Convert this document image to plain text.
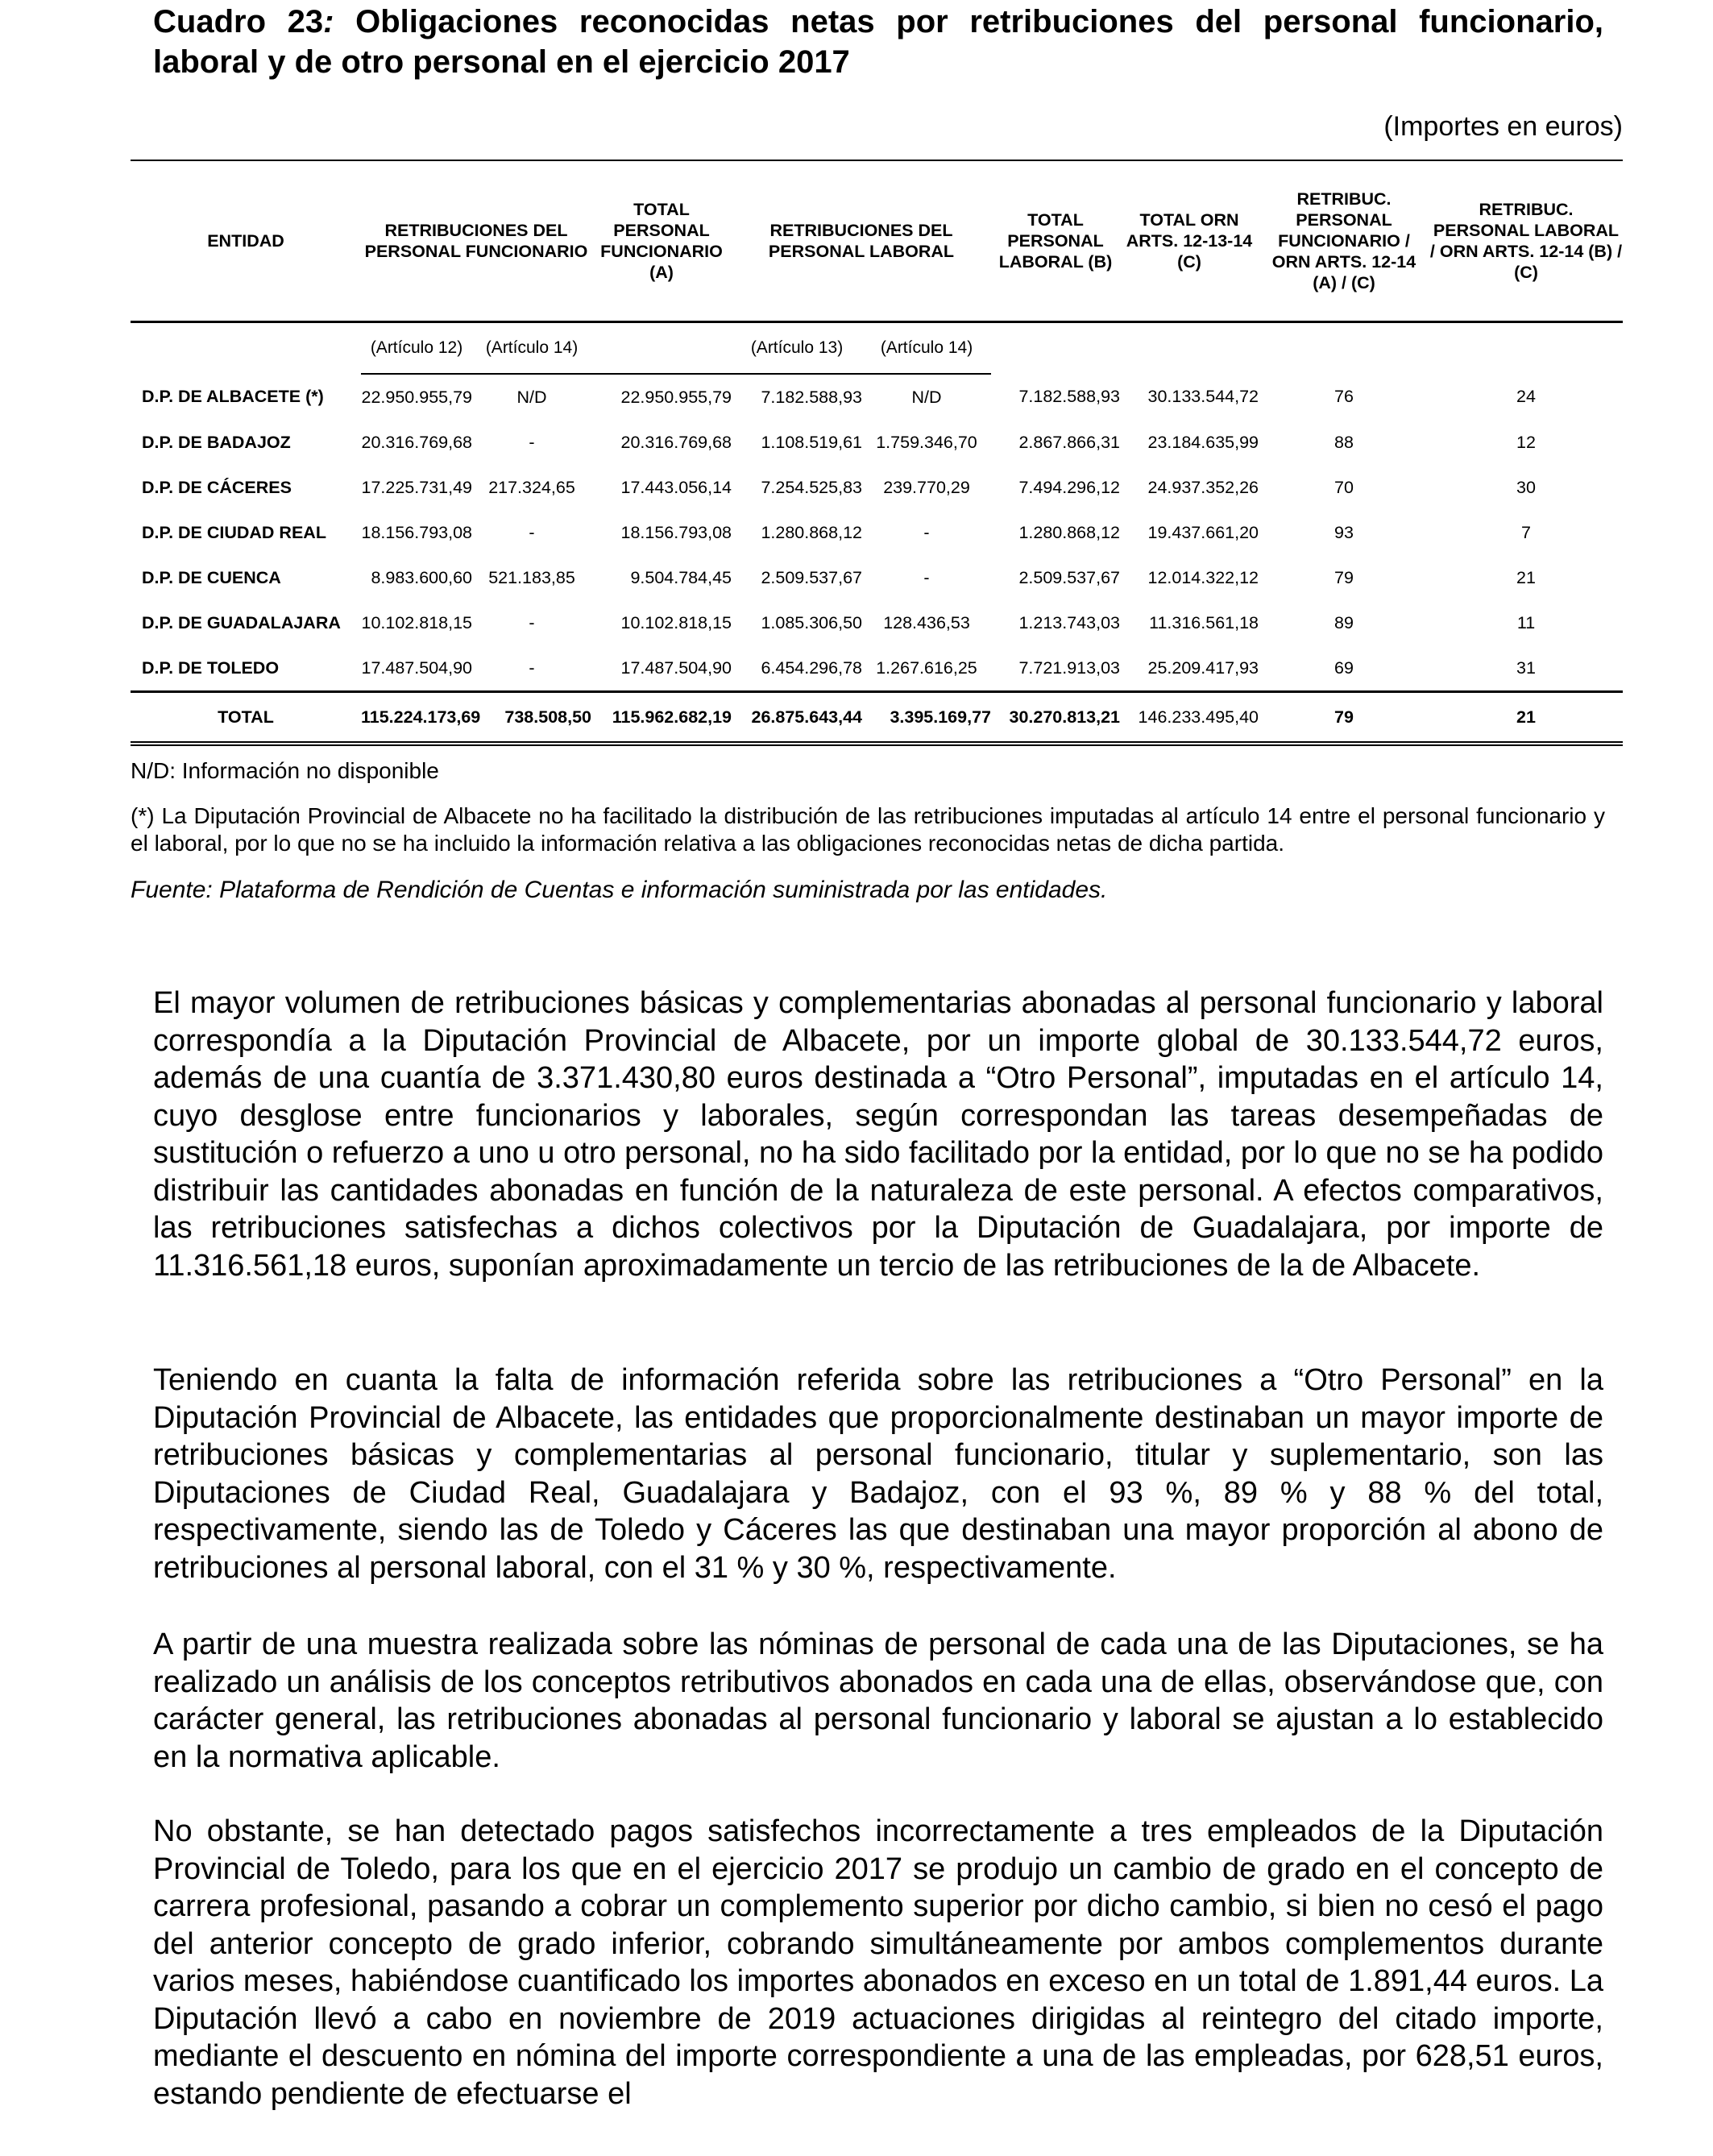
Cuadro 23: Obligaciones reconocidas netas por retribuciones del personal funcionario, laboral y de otro personal en el ejercicio 2017
(Importes en euros)

ENTIDAD	RETRIBUCIONES DEL PERSONAL FUNCIONARIO		TOTAL PERSONAL FUNCIONARIO (A)	RETRIBUCIONES DEL PERSONAL LABORAL		TOTAL PERSONAL LABORAL (B)	TOTAL ORN ARTS. 12-13-14 (C)	RETRIBUC. PERSONAL FUNCIONARIO / ORN ARTS. 12-14 (A) / (C)	RETRIBUC. PERSONAL LABORAL / ORN ARTS. 12-14 (B) / (C)
	(Artículo 12)	(Artículo 14)		(Artículo 13)	(Artículo 14)				
D.P. DE ALBACETE (*)	22.950.955,79	N/D	22.950.955,79	7.182.588,93	N/D	7.182.588,93	30.133.544,72	76	24
D.P. DE BADAJOZ	20.316.769,68	-	20.316.769,68	1.108.519,61	1.759.346,70	2.867.866,31	23.184.635,99	88	12
D.P. DE CÁCERES	17.225.731,49	217.324,65	17.443.056,14	7.254.525,83	239.770,29	7.494.296,12	24.937.352,26	70	30
D.P. DE CIUDAD REAL	18.156.793,08	-	18.156.793,08	1.280.868,12	-	1.280.868,12	19.437.661,20	93	7
D.P. DE CUENCA	8.983.600,60	521.183,85	9.504.784,45	2.509.537,67	-	2.509.537,67	12.014.322,12	79	21
D.P. DE GUADALAJARA	10.102.818,15	-	10.102.818,15	1.085.306,50	128.436,53	1.213.743,03	11.316.561,18	89	11
D.P. DE TOLEDO	17.487.504,90	-	17.487.504,90	6.454.296,78	1.267.616,25	7.721.913,03	25.209.417,93	69	31
TOTAL	115.224.173,69	738.508,50	115.962.682,19	26.875.643,44	3.395.169,77	30.270.813,21	146.233.495,40	79	21
N/D: Información no disponible
(*) La Diputación Provincial de Albacete no ha facilitado la distribución de las retribuciones imputadas al artículo 14 entre el personal funcionario y el laboral, por lo que no se ha incluido la información relativa a las obligaciones reconocidas netas de dicha partida.
Fuente: Plataforma de Rendición de Cuentas e información suministrada por las entidades.

El mayor volumen de retribuciones básicas y complementarias abonadas al personal funcionario y laboral correspondía a la Diputación Provincial de Albacete, por un importe global de 30.133.544,72 euros, además de una cuantía de 3.371.430,80 euros destinada a “Otro Personal”, imputadas en el artículo 14, cuyo desglose entre funcionarios y laborales, según correspondan las tareas desempeñadas de sustitución o refuerzo a uno u otro personal, no ha sido facilitado por la entidad, por lo que no se ha podido distribuir las cantidades abonadas en función de la naturaleza de este personal. A efectos comparativos, las retribuciones satisfechas a dichos colectivos por la Diputación de Guadalajara, por importe de 11.316.561,18 euros, suponían aproximadamente un tercio de las retribuciones de la de Albacete.

Teniendo en cuanta la falta de información referida sobre las retribuciones a “Otro Personal” en la Diputación Provincial de Albacete, las entidades que proporcionalmente destinaban un mayor importe de retribuciones básicas y complementarias al personal funcionario, titular y suplementario, son las Diputaciones de Ciudad Real, Guadalajara y Badajoz, con el 93 %, 89 % y 88 % del total, respectivamente, siendo las de Toledo y Cáceres las que destinaban una mayor proporción al abono de retribuciones al personal laboral, con el 31 % y 30 %, respectivamente.

A partir de una muestra realizada sobre las nóminas de personal de cada una de las Diputaciones, se ha realizado un análisis de los conceptos retributivos abonados en cada una de ellas, observándose que, con carácter general, las retribuciones abonadas al personal funcionario y laboral se ajustan a lo establecido en la normativa aplicable.

No obstante, se han detectado pagos satisfechos incorrectamente a tres empleados de la Diputación Provincial de Toledo, para los que en el ejercicio 2017 se produjo un cambio de grado en el concepto de carrera profesional, pasando a cobrar un complemento superior por dicho cambio, si bien no cesó el pago del anterior concepto de grado inferior, cobrando simultáneamente por ambos complementos durante varios meses, habiéndose cuantificado los importes abonados en exceso en un total de 1.891,44 euros. La Diputación llevó a cabo en noviembre de 2019 actuaciones dirigidas al reintegro del citado importe, mediante el descuento en nómina del importe correspondiente a una de las empleadas, por 628,51 euros, estando pendiente de efectuarse el
